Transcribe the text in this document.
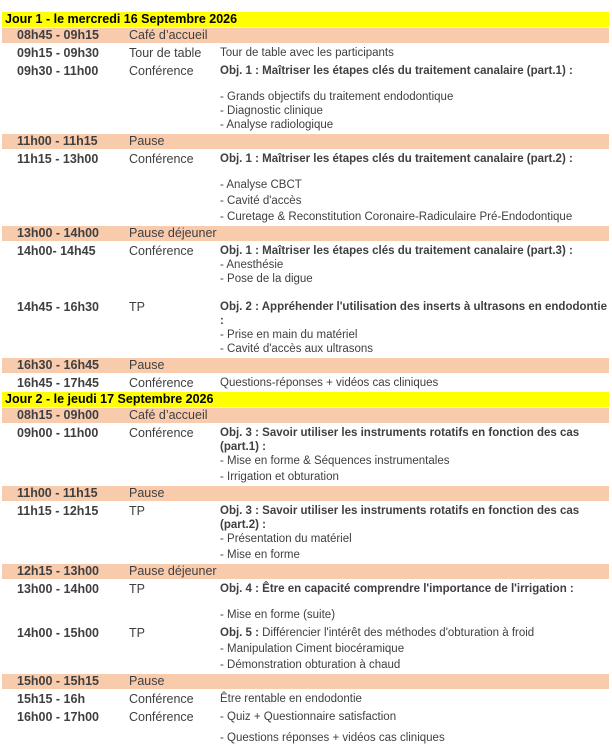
Jour 1 - le mercredi 16 Septembre 2026
08h45 - 09h15	Café d’accueil
09h15 - 09h30	Tour de table	Tour de table avec les participants
09h30 - 11h00	Conférence	Obj. 1 : Maîtriser les étapes clés du traitement canalaire (part.1) :
- Grands objectifs du traitement endodontique
- Diagnostic clinique
- Analyse radiologique
11h00 - 11h15	Pause
11h15 - 13h00	Conférence	Obj. 1 : Maîtriser les étapes clés du traitement canalaire (part.2) :
- Analyse CBCT
- Cavité d'accès
- Curetage & Reconstitution Coronaire-Radiculaire Pré-Endodontique
13h00 - 14h00	Pause déjeuner
14h00- 14h45	Conférence	Obj. 1 : Maîtriser les étapes clés du traitement canalaire (part.3) :
- Anesthésie
- Pose de la digue
14h45 - 16h30	TP	Obj. 2 : Appréhender l'utilisation des inserts à ultrasons en endodontie
:
- Prise en main du matériel
- Cavité d'accès aux ultrasons
16h30 - 16h45	Pause
16h45 - 17h45	Conférence	Questions-réponses + vidéos cas cliniques
Jour 2 - le jeudi 17 Septembre 2026
08h15 - 09h00	Café d’accueil
09h00 - 11h00	Conférence	Obj. 3 : Savoir utiliser les instruments rotatifs en fonction des cas
(part.1) :
- Mise en forme & Séquences instrumentales
- Irrigation et obturation
11h00 - 11h15	Pause
11h15 - 12h15	TP	Obj. 3 : Savoir utiliser les instruments rotatifs en fonction des cas
(part.2) :
- Présentation du matériel
- Mise en forme
12h15 - 13h00	Pause déjeuner
13h00 - 14h00	TP	Obj. 4 : Être en capacité comprendre l'importance de l'irrigation :
- Mise en forme (suite)
14h00 - 15h00	TP	Obj. 5 : Différencier l'intérêt des méthodes d'obturation à froid
- Manipulation Ciment biocéramique
- Démonstration obturation à chaud
15h00 - 15h15	Pause
15h15 - 16h	Conférence	Être rentable en endodontie
16h00 - 17h00	Conférence	- Quiz + Questionnaire satisfaction
- Questions réponses + vidéos cas cliniques
